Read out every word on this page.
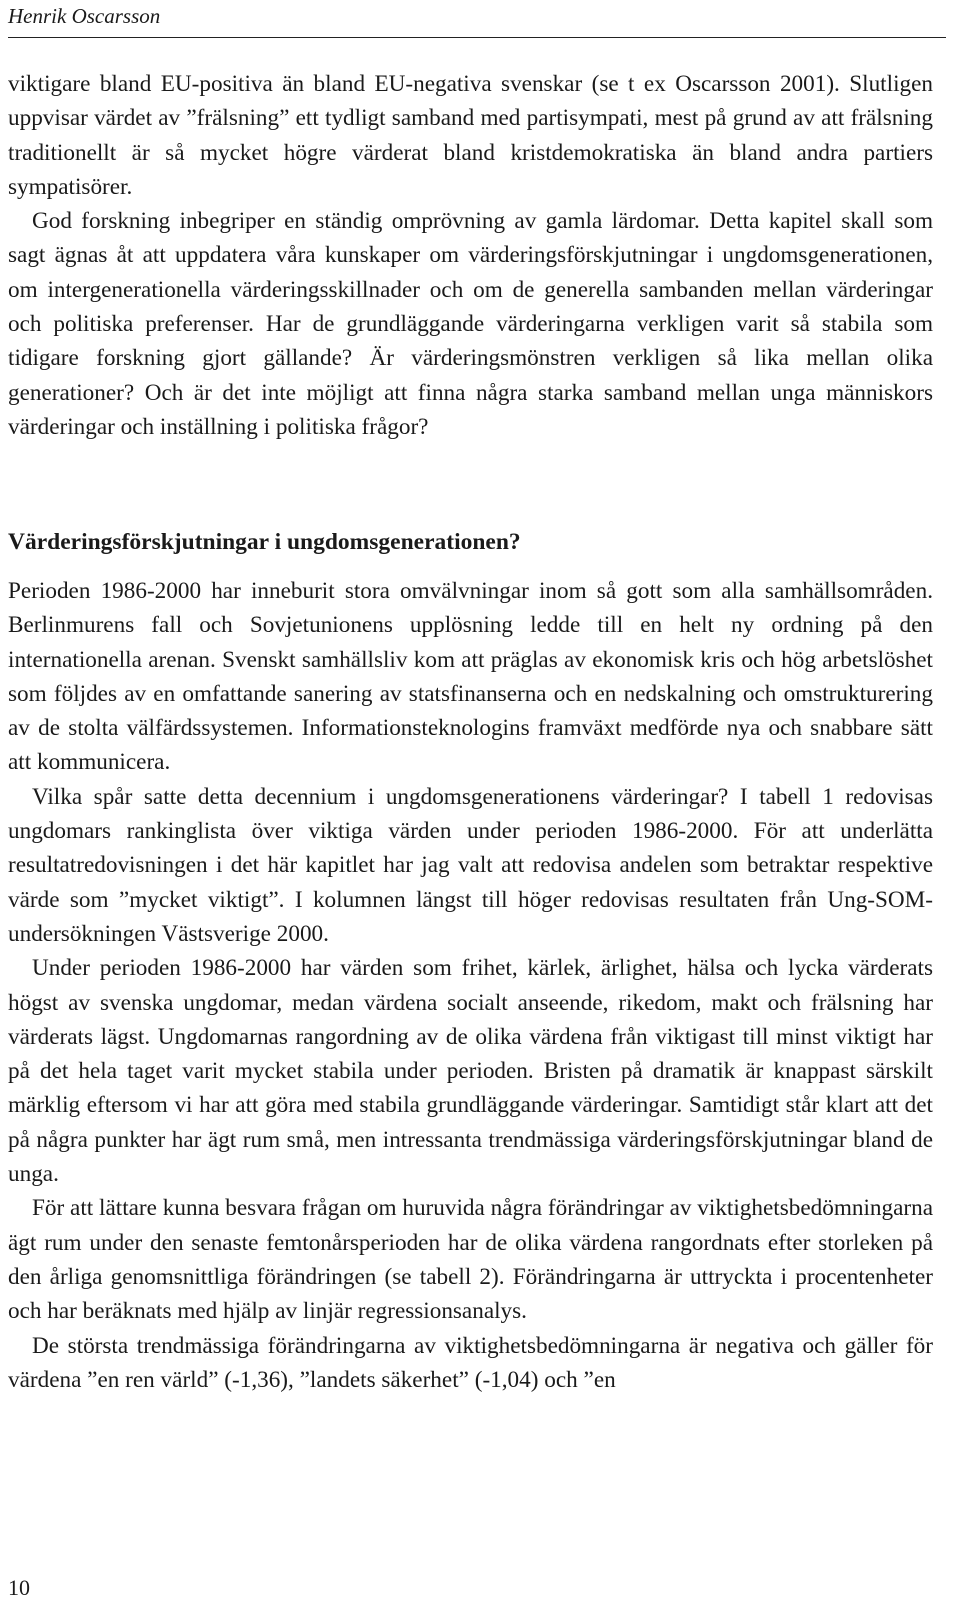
Henrik Oscarsson

viktigare bland EU-positiva än bland EU-negativa svenskar (se t ex Oscarsson 2001). Slutligen uppvisar värdet av ”frälsning” ett tydligt samband med partisympati, mest på grund av att frälsning traditionellt är så mycket högre värderat bland kristdemokratiska än bland andra partiers sympatisörer.

God forskning inbegriper en ständig omprövning av gamla lärdomar. Detta kapitel skall som sagt ägnas åt att uppdatera våra kunskaper om värderingsförskjutningar i ungdomsgenerationen, om intergenerationella värderingsskillnader och om de generella sambanden mellan värderingar och politiska preferenser. Har de grundläggande värderingarna verkligen varit så stabila som tidigare forskning gjort gällande? Är värderingsmönstren verkligen så lika mellan olika generationer? Och är det inte möjligt att finna några starka samband mellan unga människors värderingar och inställning i politiska frågor?

Värderingsförskjutningar i ungdomsgenerationen?

Perioden 1986-2000 har inneburit stora omvälvningar inom så gott som alla samhällsområden. Berlinmurens fall och Sovjetunionens upplösning ledde till en helt ny ordning på den internationella arenan. Svenskt samhällsliv kom att präglas av ekonomisk kris och hög arbetslöshet som följdes av en omfattande sanering av statsfinanserna och en nedskalning och omstrukturering av de stolta välfärdssystemen. Informationsteknologins framväxt medförde nya och snabbare sätt att kommunicera.

Vilka spår satte detta decennium i ungdomsgenerationens värderingar? I tabell 1 redovisas ungdomars rankinglista över viktiga värden under perioden 1986-2000. För att underlätta resultatredovisningen i det här kapitlet har jag valt att redovisa andelen som betraktar respektive värde som ”mycket viktigt”. I kolumnen längst till höger redovisas resultaten från Ung-SOM-undersökningen Västsverige 2000.

Under perioden 1986-2000 har värden som frihet, kärlek, ärlighet, hälsa och lycka värderats högst av svenska ungdomar, medan värdena socialt anseende, rikedom, makt och frälsning har värderats lägst. Ungdomarnas rangordning av de olika värdena från viktigast till minst viktigt har på det hela taget varit mycket stabila under perioden. Bristen på dramatik är knappast särskilt märklig eftersom vi har att göra med stabila grundläggande värderingar. Samtidigt står klart att det på några punkter har ägt rum små, men intressanta trendmässiga värderingsförskjutningar bland de unga.

För att lättare kunna besvara frågan om huruvida några förändringar av viktighetsbedömningarna ägt rum under den senaste femtonårsperioden har de olika värdena rangordnats efter storleken på den årliga genomsnittliga förändringen (se tabell 2). Förändringarna är uttryckta i procentenheter och har beräknats med hjälp av linjär regressionsanalys.

De största trendmässiga förändringarna av viktighetsbedömningarna är negativa och gäller för värdena ”en ren värld” (-1,36), ”landets säkerhet” (-1,04) och ”en

10
